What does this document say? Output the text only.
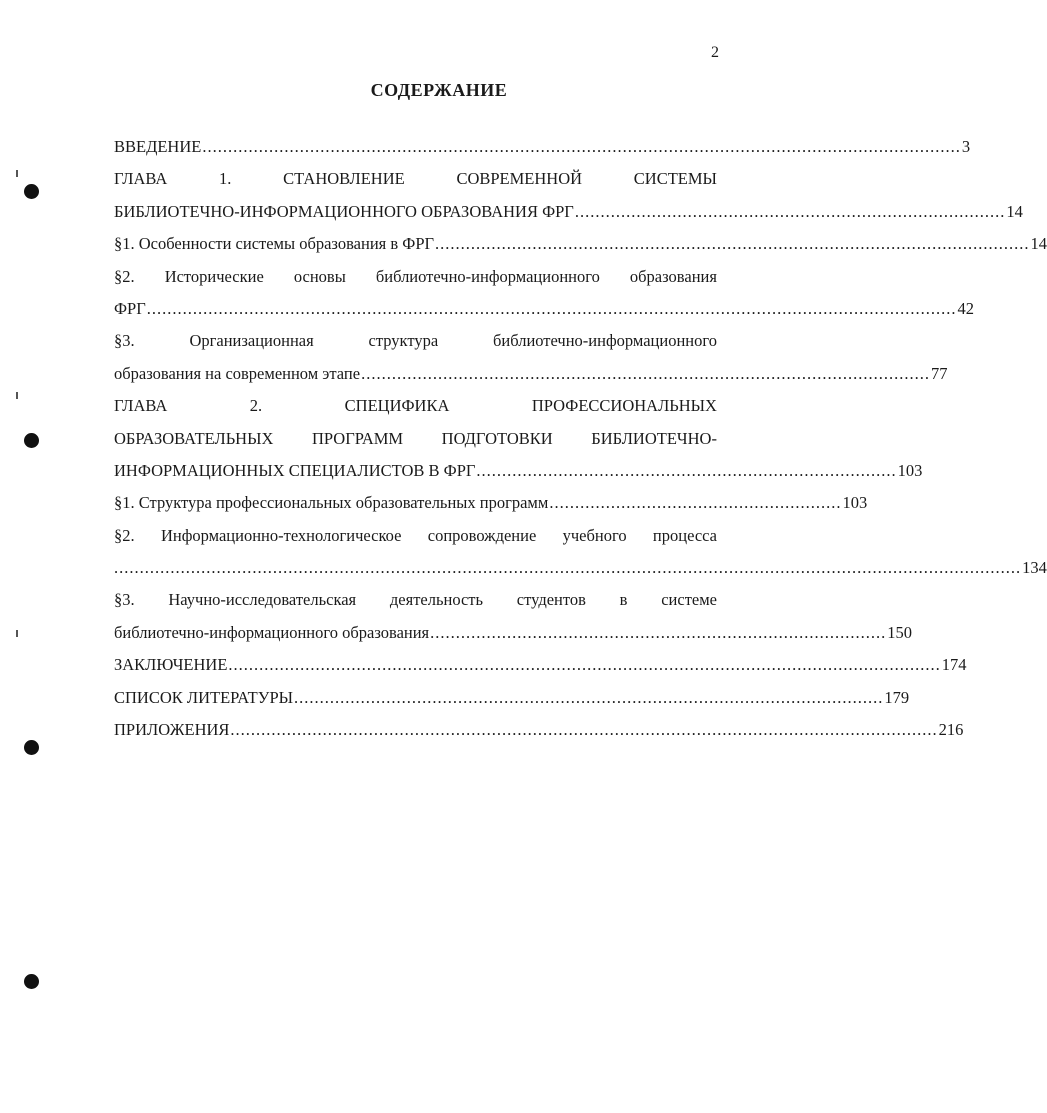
2
СОДЕРЖАНИЕ
ВВЕДЕНИЕ .................................................................................................................................................... 3
ГЛАВА	1.	СТАНОВЛЕНИЕ	СОВРЕМЕННОЙ	СИСТЕМЫ
БИБЛИОТЕЧНО-ИНФОРМАЦИОННОГО ОБРАЗОВАНИЯ ФРГ .................................................................................... 14
§1. Особенности системы образования в ФРГ .................................................................................................................... 14
§2. Исторические основы библиотечно-информационного образования
ФРГ .............................................................................................................................................................. 42
§3.	Организационная	структура	библиотечно-информационного
образования на современном этапе ............................................................................................................... 77
ГЛАВА	2.	СПЕЦИФИКА	ПРОФЕССИОНАЛЬНЫХ
ОБРАЗОВАТЕЛЬНЫХ ПРОГРАММ ПОДГОТОВКИ БИБЛИОТЕЧНО-
ИНФОРМАЦИОННЫХ СПЕЦИАЛИСТОВ В ФРГ .................................................................................. 103
§1. Структура профессиональных образовательных программ ......................................................... 103
§2. Информационно-технологическое сопровождение учебного процесса
................................................................................................................................................................................. 134
§3. Научно-исследовательская деятельность студентов в системе
библиотечно-информационного образования ......................................................................................... 150
ЗАКЛЮЧЕНИЕ ........................................................................................................................................... 174
СПИСОК ЛИТЕРАТУРЫ ................................................................................................................... 179
ПРИЛОЖЕНИЯ .......................................................................................................................................... 216
